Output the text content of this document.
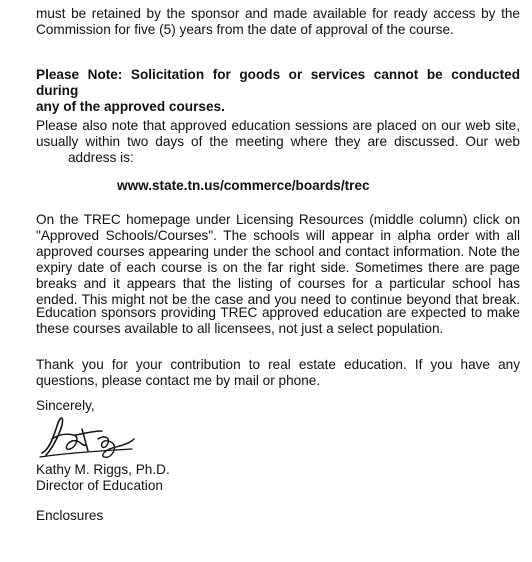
must be retained by the sponsor and made available for ready access by the
Commission for five (5) years from the date of approval of the course.
Please Note: Solicitation for goods or services cannot be conducted during
any of the approved courses.
Please also note that approved education sessions are placed on our web site,
usually within two days of the meeting where they are discussed. Our web
address is:
www.state.tn.us/commerce/boards/trec
On the TREC homepage under Licensing Resources (middle column) click on
"Approved Schools/Courses". The schools will appear in alpha order with all
approved courses appearing under the school and contact information. Note the
expiry date of each course is on the far right side. Sometimes there are page
breaks and it appears that the listing of courses for a particular school has
ended. This might not be the case and you need to continue beyond that break.
Education sponsors providing TREC approved education are expected to make
these courses available to all licensees, not just a select population.
Thank you for your contribution to real estate education. If you have any
questions, please contact me by mail or phone.
Sincerely,
Kathy M. Riggs, Ph.D.
Director of Education
Enclosures
